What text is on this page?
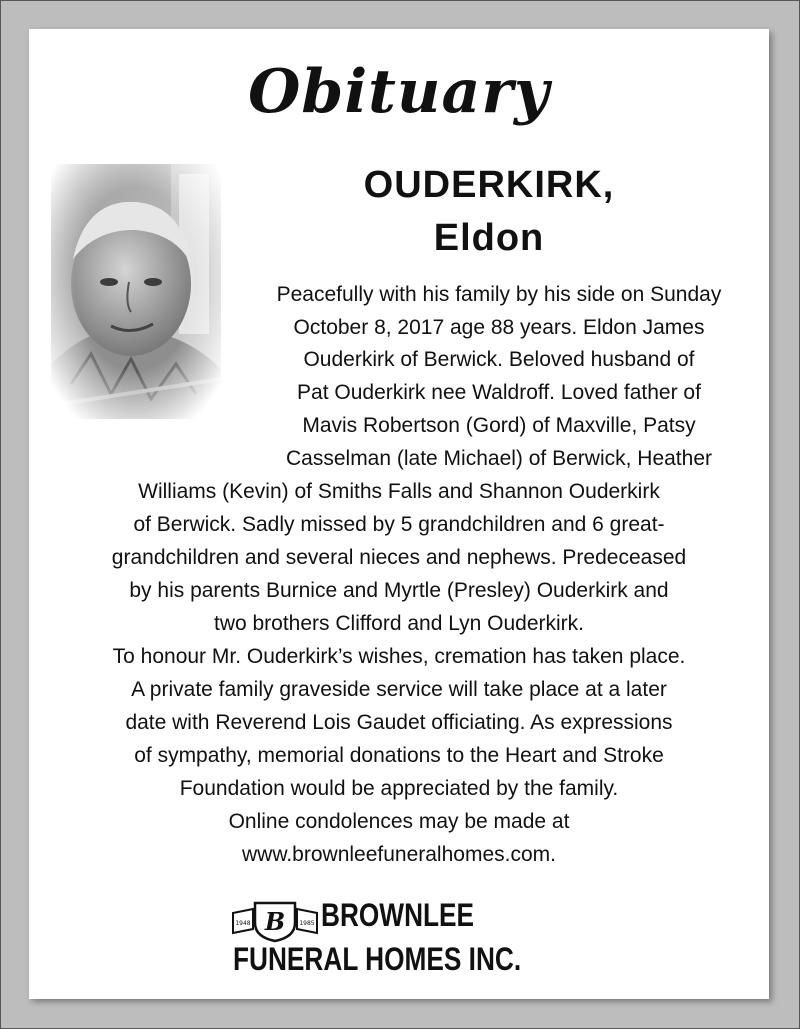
Obituary
OUDERKIRK,
Eldon
Peacefully with his family by his side on Sunday
October 8, 2017 age 88 years. Eldon James
Ouderkirk of Berwick. Beloved husband of
Pat Ouderkirk nee Waldroff. Loved father of
Mavis Robertson (Gord) of Maxville, Patsy
Casselman (late Michael) of Berwick, Heather
Williams (Kevin) of Smiths Falls and Shannon Ouderkirk
of Berwick. Sadly missed by 5 grandchildren and 6 great-
grandchildren and several nieces and nephews. Predeceased
by his parents Burnice and Myrtle (Presley) Ouderkirk and
two brothers Clifford and Lyn Ouderkirk.
To honour Mr. Ouderkirk’s wishes, cremation has taken place.
A private family graveside service will take place at a later
date with Reverend Lois Gaudet officiating. As expressions
of sympathy, memorial donations to the Heart and Stroke
Foundation would be appreciated by the family.
Online condolences may be made at
www.brownleefuneralhomes.com.
B
1948	1985 BROWNLEE
FUNERAL HOMES INC.
